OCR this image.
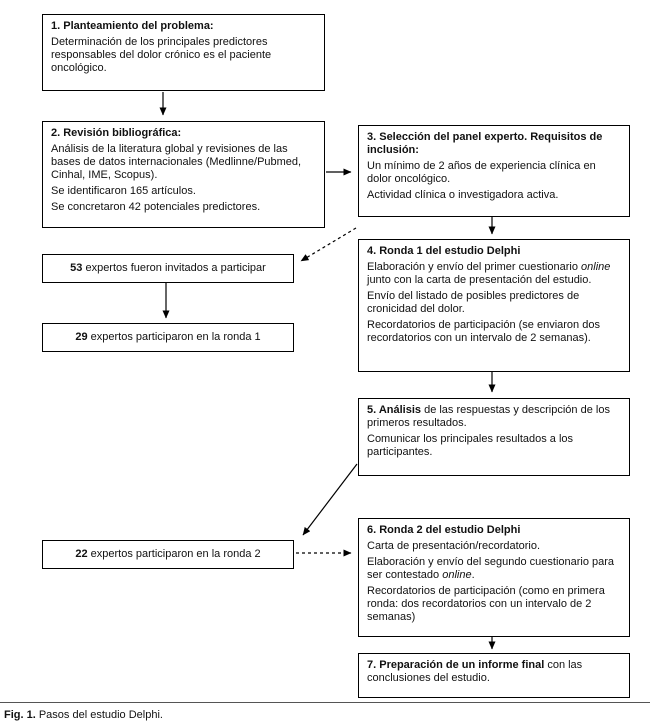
1. Planteamiento del problema:

Determinación de los principales predictores responsables del dolor crónico es el paciente oncológico.

2. Revisión bibliográfica:

Análisis de la literatura global y revisiones de las bases de datos internacionales (Medlinne/Pubmed, Cinhal, IME, Scopus).

Se identificaron 165 artículos.

Se concretaron 42 potenciales predictores.

3. Selección del panel experto. Requisitos de inclusión:

Un mínimo de 2 años de experiencia clínica en dolor oncológico.

Actividad clínica o investigadora activa.

53 expertos fueron invitados a participar
29 expertos participaron en la ronda 1
4. Ronda 1 del estudio Delphi

Elaboración y envío del primer cuestionario online junto con la carta de presentación del estudio.

Envío del listado de posibles predictores de cronicidad del dolor.

Recordatorios de participación (se enviaron dos recordatorios con un intervalo de 2 semanas).

5. Análisis de las respuestas y descripción de los primeros resultados.

Comunicar los principales resultados a los participantes.

22 expertos participaron en la ronda 2
6. Ronda 2 del estudio Delphi

Carta de presentación/recordatorio.

Elaboración y envío del segundo cuestionario para ser contestado online.

Recordatorios de participación (como en primera ronda: dos recordatorios con un intervalo de 2 semanas)

7. Preparación de un informe final con las conclusiones del estudio.

Fig. 1. Pasos del estudio Delphi.
